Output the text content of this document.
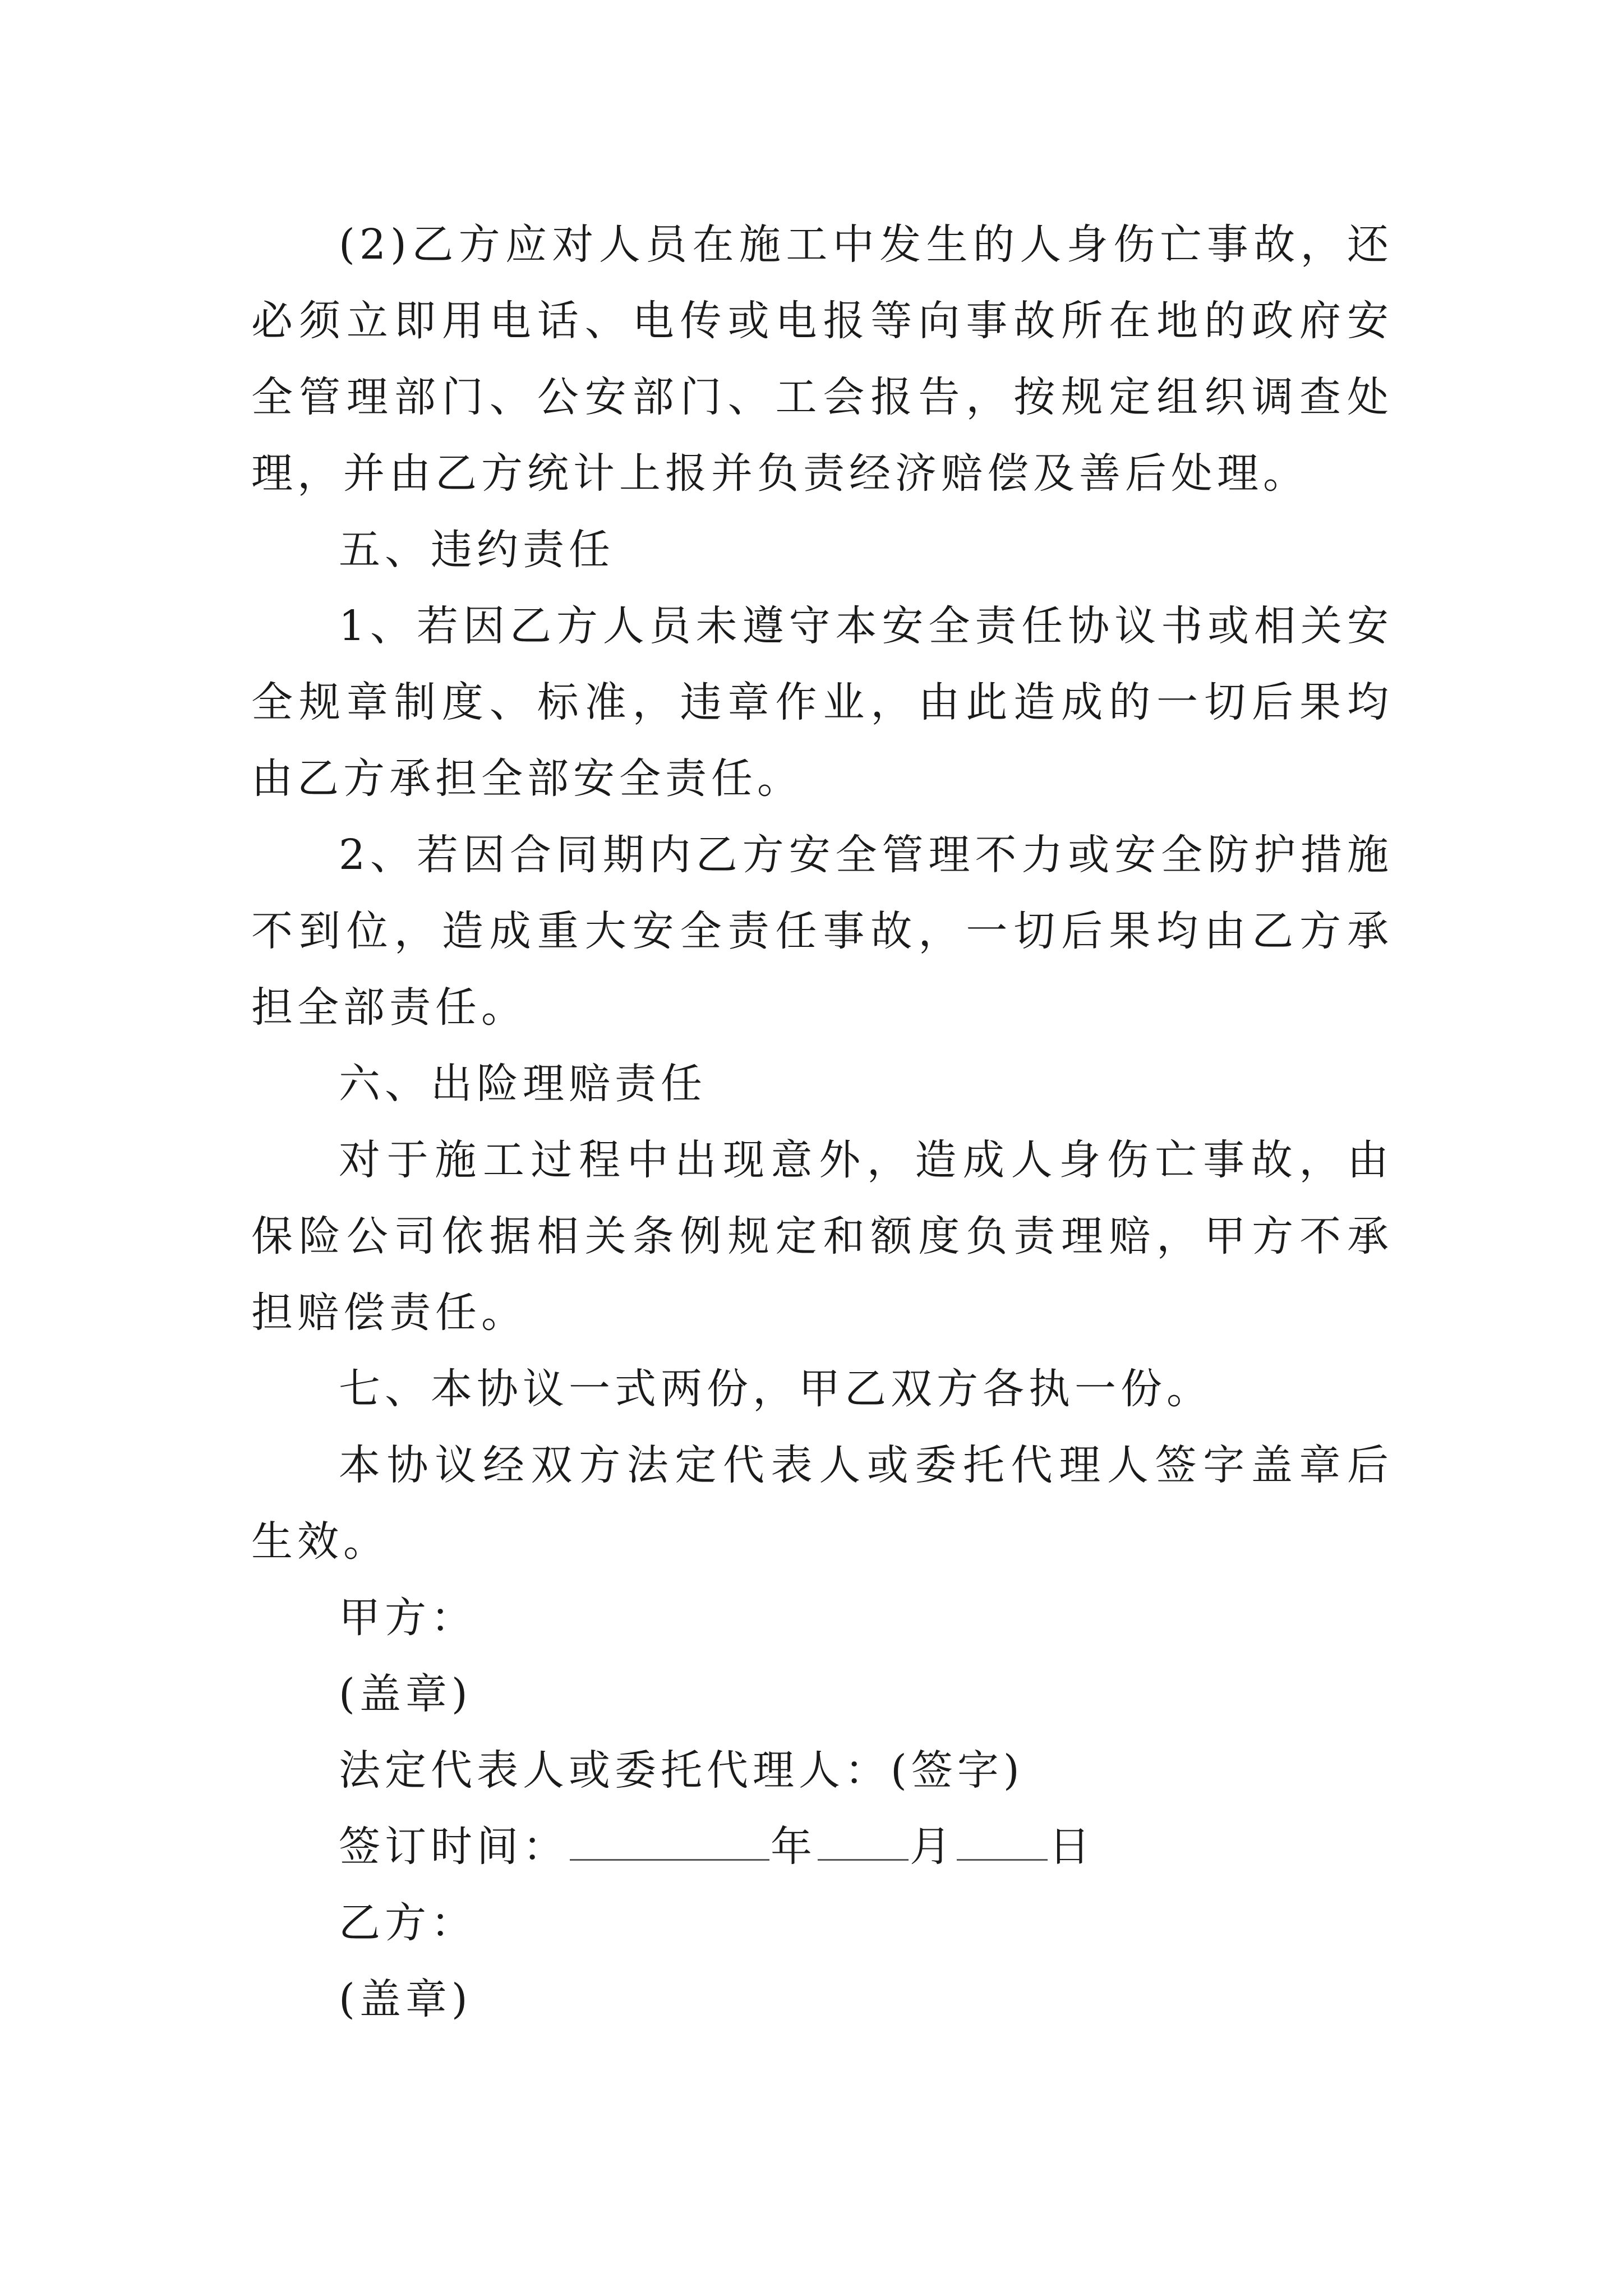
(2)乙方应对人员在施工中发生的人身伤亡事故，还必须立即用电话、电传或电报等向事故所在地的政府安全管理部门、公安部门、工会报告，按规定组织调查处理，并由乙方统计上报并负责经济赔偿及善后处理。

五、违约责任

1、若因乙方人员未遵守本安全责任协议书或相关安全规章制度、标准，违章作业，由此造成的一切后果均由乙方承担全部安全责任。

2、若因合同期内乙方安全管理不力或安全防护措施不到位，造成重大安全责任事故，一切后果均由乙方承担全部责任。

六、出险理赔责任

对于施工过程中出现意外，造成人身伤亡事故，由保险公司依据相关条例规定和额度负责理赔，甲方不承担赔偿责任。

七、本协议一式两份，甲乙双方各执一份。

本协议经双方法定代表人或委托代理人签字盖章后生效。

甲方：

(盖章)

法定代表人或委托代理人：(签字)

签订时间：	年 月 日

乙方：

(盖章)
